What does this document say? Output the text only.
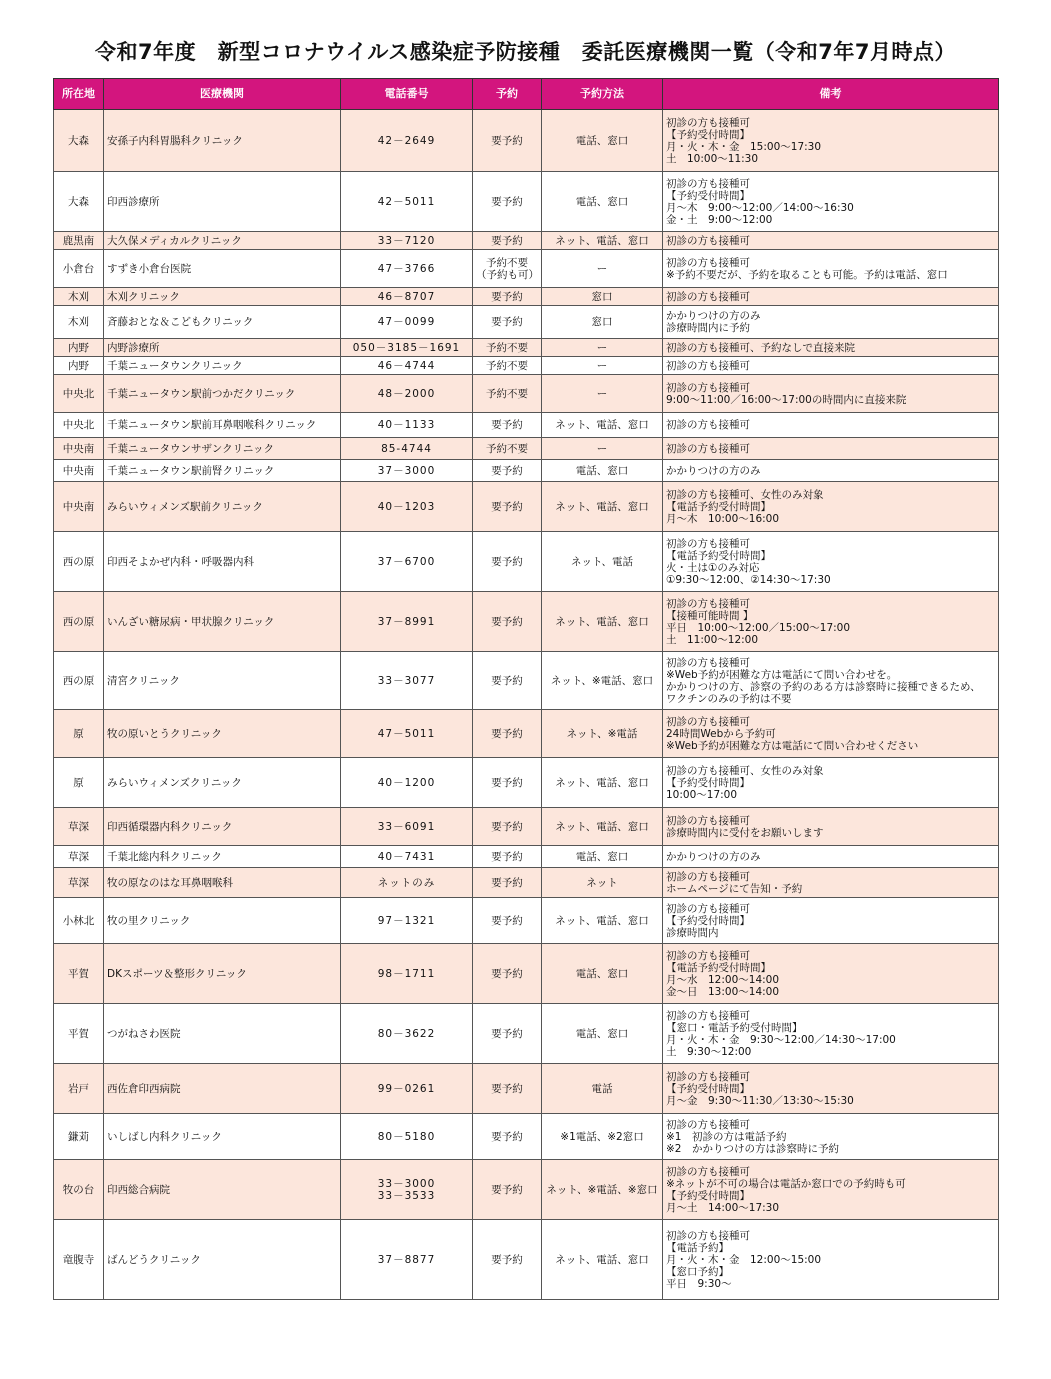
令和7年度　新型コロナウイルス感染症予防接種　委託医療機関一覧（令和7年7月時点）
所在地	医療機関	電話番号	予約	予約方法	備考
大森	安孫子内科胃腸科クリニック	42－2649	要予約	電話、窓口	初診の方も接種可
【予約受付時間】
月・火・木・金　15:00～17:30
土　10:00～11:30

大森	印西診療所	42－5011	要予約	電話、窓口	初診の方も接種可
【予約受付時間】
月～木　9:00～12:00／14:00～16:30
金・土　9:00～12:00

鹿黒南	大久保メディカルクリニック	33－7120	要予約	ネット、電話、窓口	初診の方も接種可

小倉台	すずき小倉台医院	47－3766	予約不要
（予約も可）	ー	初診の方も接種可
※予約不要だが、予約を取ることも可能。予約は電話、窓口

木刈	木刈クリニック	46－8707	要予約	窓口	初診の方も接種可

木刈	斉藤おとな＆こどもクリニック	47－0099	要予約	窓口	かかりつけの方のみ
診療時間内に予約

内野	内野診療所	050－3185－1691	予約不要	ー	初診の方も接種可、予約なしで直接来院

内野	千葉ニュータウンクリニック	46－4744	予約不要	ー	初診の方も接種可

中央北	千葉ニュータウン駅前つかだクリニック	48－2000	予約不要	ー	初診の方も接種可
9:00～11:00／16:00～17:00の時間内に直接来院

中央北	千葉ニュータウン駅前耳鼻咽喉科クリニック	40－1133	要予約	ネット、電話、窓口	初診の方も接種可

中央南	千葉ニュータウンサザンクリニック	85-4744	予約不要	ー	初診の方も接種可

中央南	千葉ニュータウン駅前腎クリニック	37－3000	要予約	電話、窓口	かかりつけの方のみ

中央南	みらいウィメンズ駅前クリニック	40－1203	要予約	ネット、電話、窓口	初診の方も接種可、女性のみ対象
【電話予約受付時間】
月～木　10:00～16:00

西の原	印西そよかぜ内科・呼吸器内科	37－6700	要予約	ネット、電話	初診の方も接種可
【電話予約受付時間】
火・土は①のみ対応
①9:30～12:00、②14:30～17:30

西の原	いんざい糖尿病・甲状腺クリニック	37－8991	要予約	ネット、電話、窓口	初診の方も接種可
【接種可能時間 】
平日　10:00～12:00／15:00～17:00
土　11:00～12:00

西の原	清宮クリニック	33－3077	要予約	ネット、※電話、窓口	初診の方も接種可
※Web予約が困難な方は電話にて問い合わせを。
かかりつけの方、診察の予約のある方は診察時に接種できるため、
ワクチンのみの予約は不要

原	牧の原いとうクリニック	47－5011	要予約	ネット、※電話	初診の方も接種可
24時間Webから予約可
※Web予約が困難な方は電話にて問い合わせください

原	みらいウィメンズクリニック	40－1200	要予約	ネット、電話、窓口	初診の方も接種可、女性のみ対象
【予約受付時間】
10:00～17:00

草深	印西循環器内科クリニック	33－6091	要予約	ネット、電話、窓口	初診の方も接種可
診療時間内に受付をお願いします

草深	千葉北総内科クリニック	40－7431	要予約	電話、窓口	かかりつけの方のみ

草深	牧の原なのはな耳鼻咽喉科	ネットのみ	要予約	ネット	初診の方も接種可
ホームページにて告知・予約

小林北	牧の里クリニック	97－1321	要予約	ネット、電話、窓口	初診の方も接種可
【予約受付時間】
診療時間内

平賀	DKスポーツ＆整形クリニック	98－1711	要予約	電話、窓口	初診の方も接種可
【電話予約受付時間】
月～水　12:00～14:00
金～日　13:00～14:00

平賀	つがねさわ医院	80－3622	要予約	電話、窓口	初診の方も接種可
【窓口・電話予約受付時間】
月・火・木・金　9:30～12:00／14:30～17:00
土　9:30～12:00

岩戸	西佐倉印西病院	99－0261	要予約	電話	初診の方も接種可
【予約受付時間】
月～金　9:30～11:30／13:30～15:30

鎌苅	いしばし内科クリニック	80－5180	要予約	※1電話、※2窓口	初診の方も接種可
※1　初診の方は電話予約
※2　かかりつけの方は診察時に予約

牧の台	印西総合病院	33－3000
33－3533	要予約	ネット、※電話、※窓口	初診の方も接種可
※ネットが不可の場合は電話か窓口での予約時も可
【予約受付時間】
月～土　14:00～17:30

竜腹寺	ばんどうクリニック	37－8877	要予約	ネット、電話、窓口	初診の方も接種可
【電話予約】
月・火・木・金　12:00～15:00
【窓口予約】
平日　9:30～
